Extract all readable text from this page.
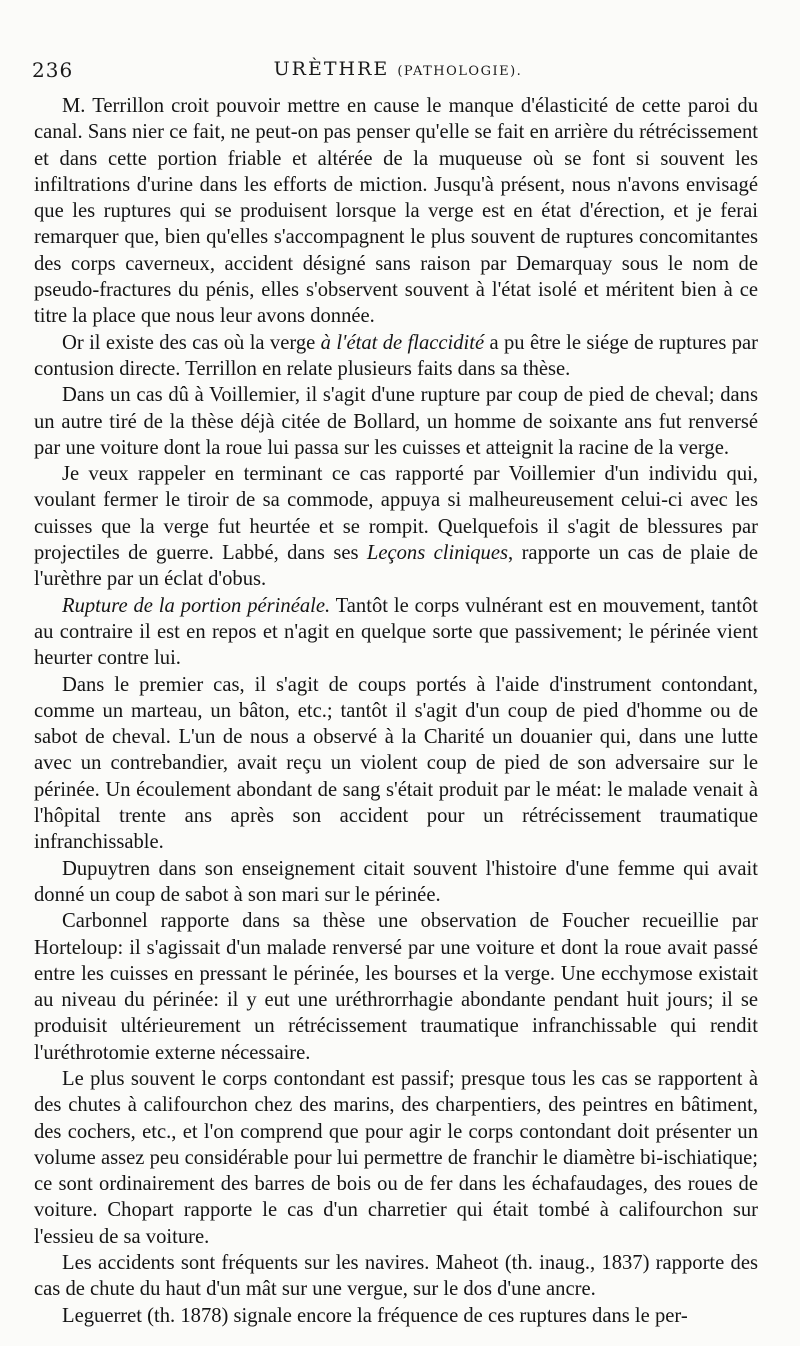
236	URÈTHRE (PATHOLOGIE).

M. Terrillon croit pouvoir mettre en cause le manque d'élasticité de cette paroi du canal. Sans nier ce fait, ne peut-on pas penser qu'elle se fait en arrière du rétrécissement et dans cette portion friable et altérée de la muqueuse où se font si souvent les infiltrations d'urine dans les efforts de miction. Jusqu'à présent, nous n'avons envisagé que les ruptures qui se produisent lorsque la verge est en état d'érection, et je ferai remarquer que, bien qu'elles s'accompagnent le plus souvent de ruptures concomitantes des corps caverneux, accident désigné sans raison par Demarquay sous le nom de pseudo-fractures du pénis, elles s'observent souvent à l'état isolé et méritent bien à ce titre la place que nous leur avons donnée.

Or il existe des cas où la verge à l'état de flaccidité a pu être le siége de ruptures par contusion directe. Terrillon en relate plusieurs faits dans sa thèse.

Dans un cas dû à Voillemier, il s'agit d'une rupture par coup de pied de cheval; dans un autre tiré de la thèse déjà citée de Bollard, un homme de soixante ans fut renversé par une voiture dont la roue lui passa sur les cuisses et atteignit la racine de la verge.

Je veux rappeler en terminant ce cas rapporté par Voillemier d'un individu qui, voulant fermer le tiroir de sa commode, appuya si malheureusement celui-ci avec les cuisses que la verge fut heurtée et se rompit. Quelquefois il s'agit de blessures par projectiles de guerre. Labbé, dans ses Leçons cliniques, rapporte un cas de plaie de l'urèthre par un éclat d'obus.

Rupture de la portion périnéale. Tantôt le corps vulnérant est en mouvement, tantôt au contraire il est en repos et n'agit en quelque sorte que passivement; le périnée vient heurter contre lui.

Dans le premier cas, il s'agit de coups portés à l'aide d'instrument contondant, comme un marteau, un bâton, etc.; tantôt il s'agit d'un coup de pied d'homme ou de sabot de cheval. L'un de nous a observé à la Charité un douanier qui, dans une lutte avec un contrebandier, avait reçu un violent coup de pied de son adversaire sur le périnée. Un écoulement abondant de sang s'était produit par le méat: le malade venait à l'hôpital trente ans après son accident pour un rétrécissement traumatique infranchissable.

Dupuytren dans son enseignement citait souvent l'histoire d'une femme qui avait donné un coup de sabot à son mari sur le périnée.

Carbonnel rapporte dans sa thèse une observation de Foucher recueillie par Horteloup: il s'agissait d'un malade renversé par une voiture et dont la roue avait passé entre les cuisses en pressant le périnée, les bourses et la verge. Une ecchymose existait au niveau du périnée: il y eut une uréthrorrhagie abondante pendant huit jours; il se produisit ultérieurement un rétrécissement traumatique infranchissable qui rendit l'uréthrotomie externe nécessaire.

Le plus souvent le corps contondant est passif; presque tous les cas se rapportent à des chutes à califourchon chez des marins, des charpentiers, des peintres en bâtiment, des cochers, etc., et l'on comprend que pour agir le corps contondant doit présenter un volume assez peu considérable pour lui permettre de franchir le diamètre bi-ischiatique; ce sont ordinairement des barres de bois ou de fer dans les échafaudages, des roues de voiture. Chopart rapporte le cas d'un charretier qui était tombé à califourchon sur l'essieu de sa voiture.

Les accidents sont fréquents sur les navires. Maheot (th. inaug., 1837) rapporte des cas de chute du haut d'un mât sur une vergue, sur le dos d'une ancre.

Leguerret (th. 1878) signale encore la fréquence de ces ruptures dans le per-
